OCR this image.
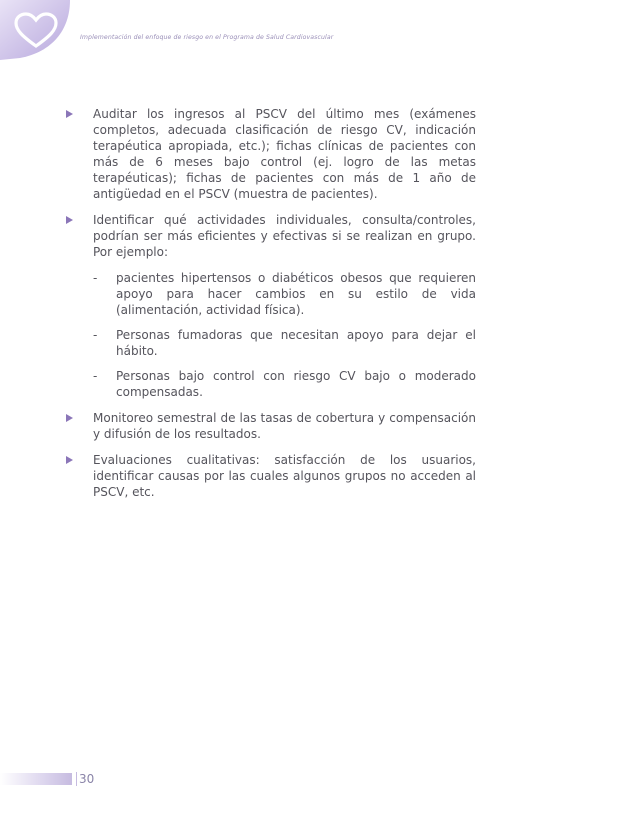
Implementación del enfoque de riesgo en el Programa de Salud Cardiovascular
Auditar los ingresos al PSCV del último mes (exámenes completos, adecuada clasificación de riesgo CV, indicación terapéutica apropiada, etc.); fichas clínicas de pacientes con más de 6 meses bajo control (ej. logro de las metas terapéuticas); fichas de pacientes con más de 1 año de antigüedad en el PSCV (muestra de pacientes).
Identificar qué actividades individuales, consulta/controles, podrían ser más eficientes y efectivas si se realizan en grupo. Por ejemplo:
- pacientes hipertensos o diabéticos obesos que requieren apoyo para hacer cambios en su estilo de vida (alimentación, actividad física).
- Personas fumadoras que necesitan apoyo para dejar el hábito.
- Personas bajo control con riesgo CV bajo o moderado compensadas.
Monitoreo semestral de las tasas de cobertura y compensación y difusión de los resultados.
Evaluaciones cualitativas: satisfacción de los usuarios, identificar causas por las cuales algunos grupos no acceden al PSCV, etc.
30
